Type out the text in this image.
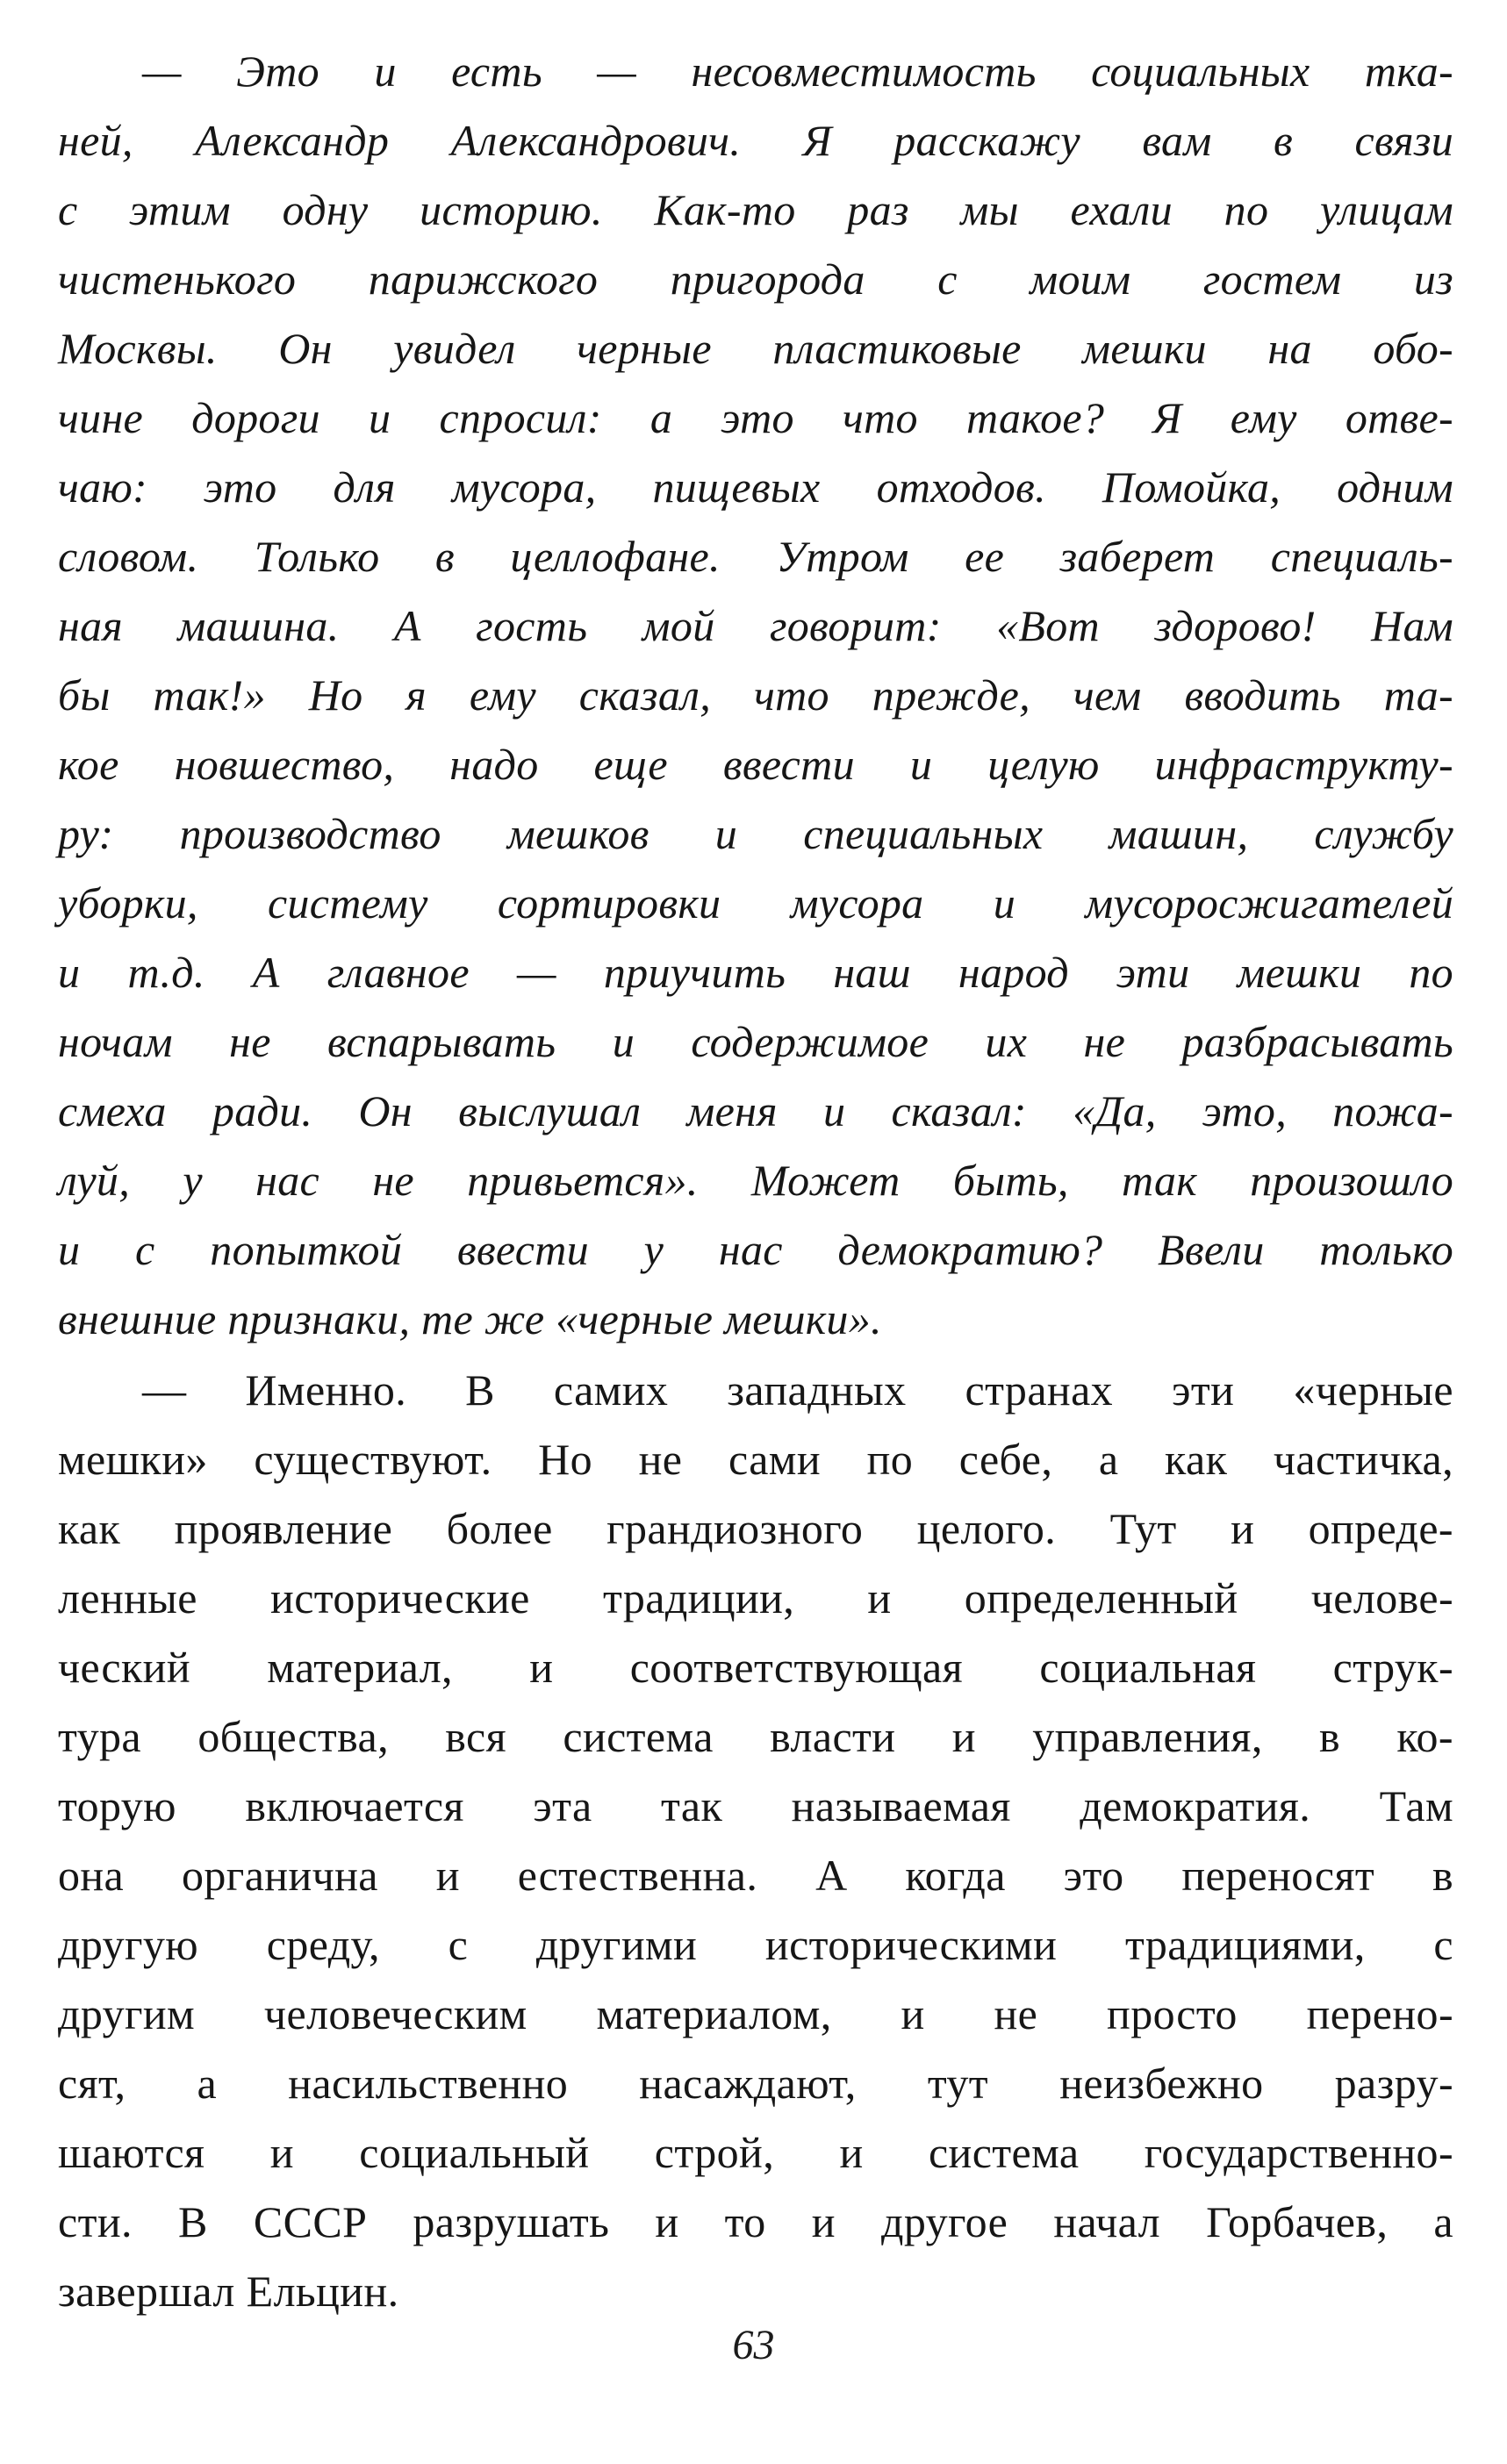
— Это и есть — несовместимость социальных тка-
ней, Александр Александрович. Я расскажу вам в связи
с этим одну историю. Как-то раз мы ехали по улицам
чистенького парижского пригорода с моим гостем из
Москвы. Он увидел черные пластиковые мешки на обо-
чине дороги и спросил: а это что такое? Я ему отве-
чаю: это для мусора, пищевых отходов. Помойка, одним
словом. Только в целлофане. Утром ее заберет специаль-
ная машина. А гость мой говорит: «Вот здорово! Нам
бы так!» Но я ему сказал, что прежде, чем вводить та-
кое новшество, надо еще ввести и целую инфраструкту-
ру: производство мешков и специальных машин, службу
уборки, систему сортировки мусора и мусоросжигателей
и т.д. А главное — приучить наш народ эти мешки по
ночам не вспарывать и содержимое их не разбрасывать
смеха ради. Он выслушал меня и сказал: «Да, это, пожа-
луй, у нас не привьется». Может быть, так произошло
и с попыткой ввести у нас демократию? Ввели только
внешние признаки, те же «черные мешки».
— Именно. В самих западных странах эти «черные
мешки» существуют. Но не сами по себе, а как частичка,
как проявление более грандиозного целого. Тут и опреде-
ленные исторические традиции, и определенный челове-
ческий материал, и соответствующая социальная струк-
тура общества, вся система власти и управления, в ко-
торую включается эта так называемая демократия. Там
она органична и естественна. А когда это переносят в
другую среду, с другими историческими традициями, с
другим человеческим материалом, и не просто перено-
сят, а насильственно насаждают, тут неизбежно разру-
шаются и социальный строй, и система государственно-
сти. В СССР разрушать и то и другое начал Горбачев, а
завершал Ельцин.
63
